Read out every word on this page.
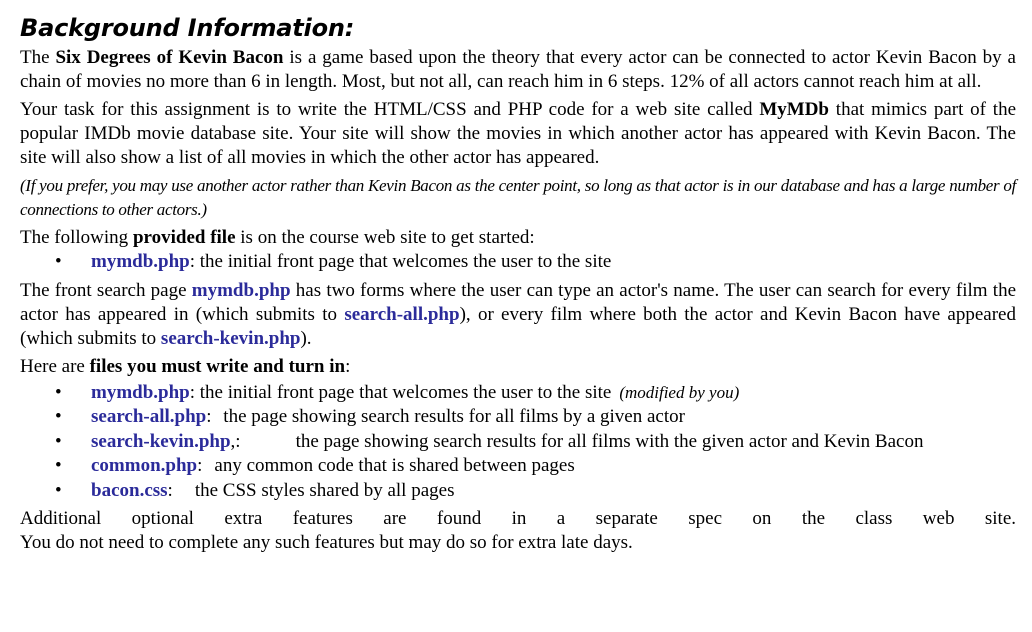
Background Information:

The Six Degrees of Kevin Bacon is a game based upon the theory that every actor can be connected to actor Kevin Bacon by a chain of movies no more than 6 in length. Most, but not all, can reach him in 6 steps. 12% of all actors cannot reach him at all.

Your task for this assignment is to write the HTML/CSS and PHP code for a web site called MyMDb that mimics part of the popular IMDb movie database site. Your site will show the movies in which another actor has appeared with Kevin Bacon. The site will also show a list of all movies in which the other actor has appeared.

(If you prefer, you may use another actor rather than Kevin Bacon as the center point, so long as that actor is in our database and has a large number of connections to other actors.)

The following provided file is on the course web site to get started:

• mymdb.php: the initial front page that welcomes the user to the site

The front search page mymdb.php has two forms where the user can type an actor's name. The user can search for every film the actor has appeared in (which submits to search-all.php), or every film where both the actor and Kevin Bacon have appeared (which submits to search-kevin.php).

Here are files you must write and turn in:

• mymdb.php: the initial front page that welcomes the user to the site (modified by you)
• search-all.php: the page showing search results for all films by a given actor
• search-kevin.php,:	the page showing search results for all films with the given actor and Kevin Bacon
• common.php: any common code that is shared between pages
• bacon.css: the CSS styles shared by all pages

Additional optional extra features are found in a separate spec on the class web site.

You do not need to complete any such features but may do so for extra late days.
